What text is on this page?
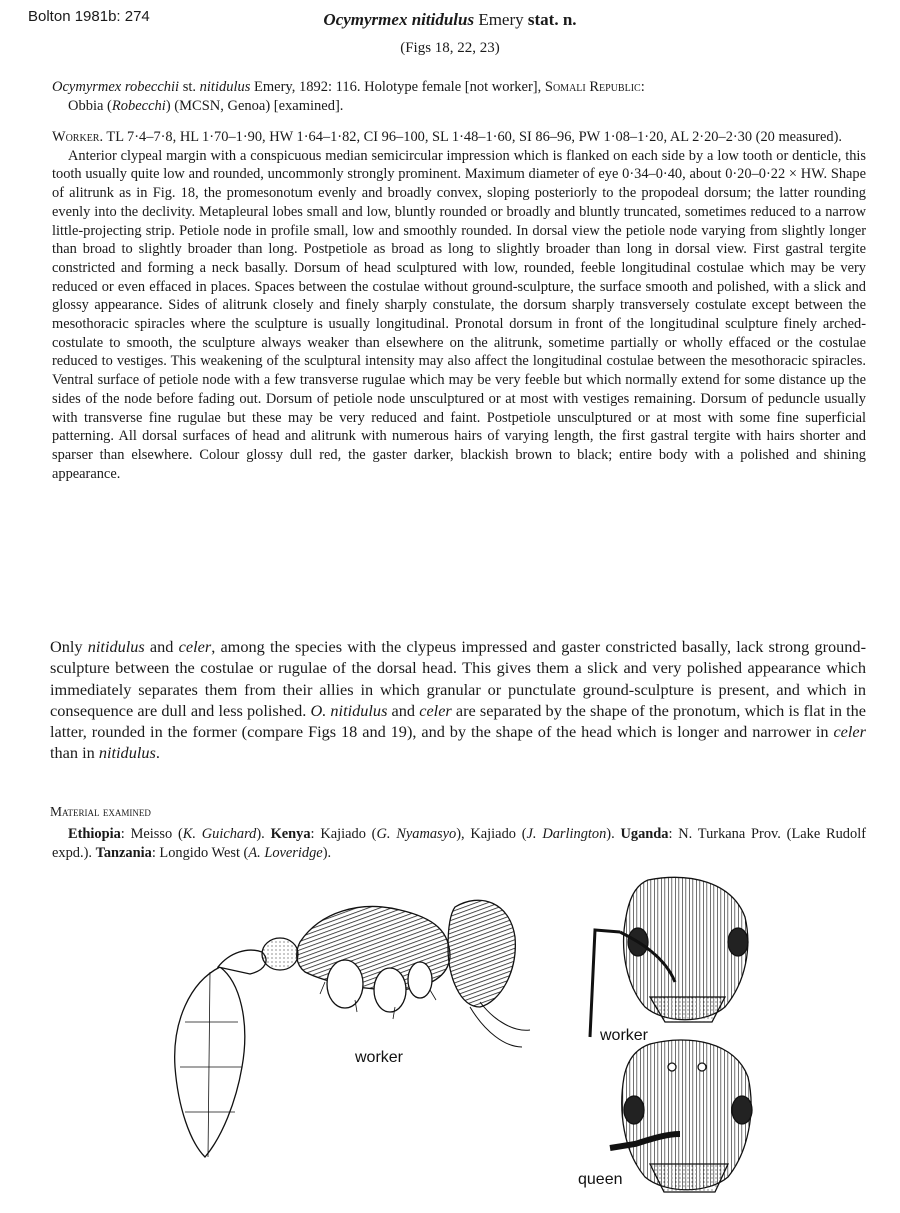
Bolton 1981b: 274	Ocymyrmex nitidulus Emery stat. n.
(Figs 18, 22, 23)
Ocymyrmex robecchii st. nitidulus Emery, 1892: 116. Holotype female [not worker], Somali Republic:
Obbia (Robecchi) (MCSN, Genoa) [examined].

Worker. TL 7·4–7·8, HL 1·70–1·90, HW 1·64–1·82, CI 96–100, SL 1·48–1·60, SI 86–96, PW 1·08–1·20, AL 2·20–2·30 (20 measured).

Anterior clypeal margin with a conspicuous median semicircular impression which is flanked on each side by a low tooth or denticle, this tooth usually quite low and rounded, uncommonly strongly prominent. Maximum diameter of eye 0·34–0·40, about 0·20–0·22 × HW. Shape of alitrunk as in Fig. 18, the promesonotum evenly and broadly convex, sloping posteriorly to the propodeal dorsum; the latter rounding evenly into the declivity. Metapleural lobes small and low, bluntly rounded or broadly and bluntly truncated, sometimes reduced to a narrow little-projecting strip. Petiole node in profile small, low and smoothly rounded. In dorsal view the petiole node varying from slightly longer than broad to slightly broader than long. Postpetiole as broad as long to slightly broader than long in dorsal view. First gastral tergite constricted and forming a neck basally. Dorsum of head sculptured with low, rounded, feeble longitudinal costulae which may be very reduced or even effaced in places. Spaces between the costulae without ground-sculpture, the surface smooth and polished, with a slick and glossy appearance. Sides of alitrunk closely and finely sharply constulate, the dorsum sharply transversely costulate except between the mesothoracic spiracles where the sculpture is usually longitudinal. Pronotal dorsum in front of the longitudinal sculpture finely arched-costulate to smooth, the sculpture always weaker than elsewhere on the alitrunk, sometime partially or wholly effaced or the costulae reduced to vestiges. This weakening of the sculptural intensity may also affect the longitudinal costulae between the mesothoracic spiracles. Ventral surface of petiole node with a few transverse rugulae which may be very feeble but which normally extend for some distance up the sides of the node before fading out. Dorsum of petiole node unsculptured or at most with vestiges remaining. Dorsum of peduncle usually with transverse fine rugulae but these may be very reduced and faint. Postpetiole unsculptured or at most with some fine superficial patterning. All dorsal surfaces of head and alitrunk with numerous hairs of varying length, the first gastral tergite with hairs shorter and sparser than elsewhere. Colour glossy dull red, the gaster darker, blackish brown to black; entire body with a polished and shining appearance.

Only nitidulus and celer, among the species with the clypeus impressed and gaster constricted basally, lack strong ground-sculpture between the costulae or rugulae of the dorsal head. This gives them a slick and very polished appearance which immediately separates them from their allies in which granular or punctulate ground-sculpture is present, and which in consequence are dull and less polished. O. nitidulus and celer are separated by the shape of the pronotum, which is flat in the latter, rounded in the former (compare Figs 18 and 19), and by the shape of the head which is longer and narrower in celer than in nitidulus.
Material examined
Ethiopia: Meisso (K. Guichard). Kenya: Kajiado (G. Nyamasyo), Kajiado (J. Darlington). Uganda: N. Turkana Prov. (Lake Rudolf expd.). Tanzania: Longido West (A. Loveridge).
worker
worker
queen
